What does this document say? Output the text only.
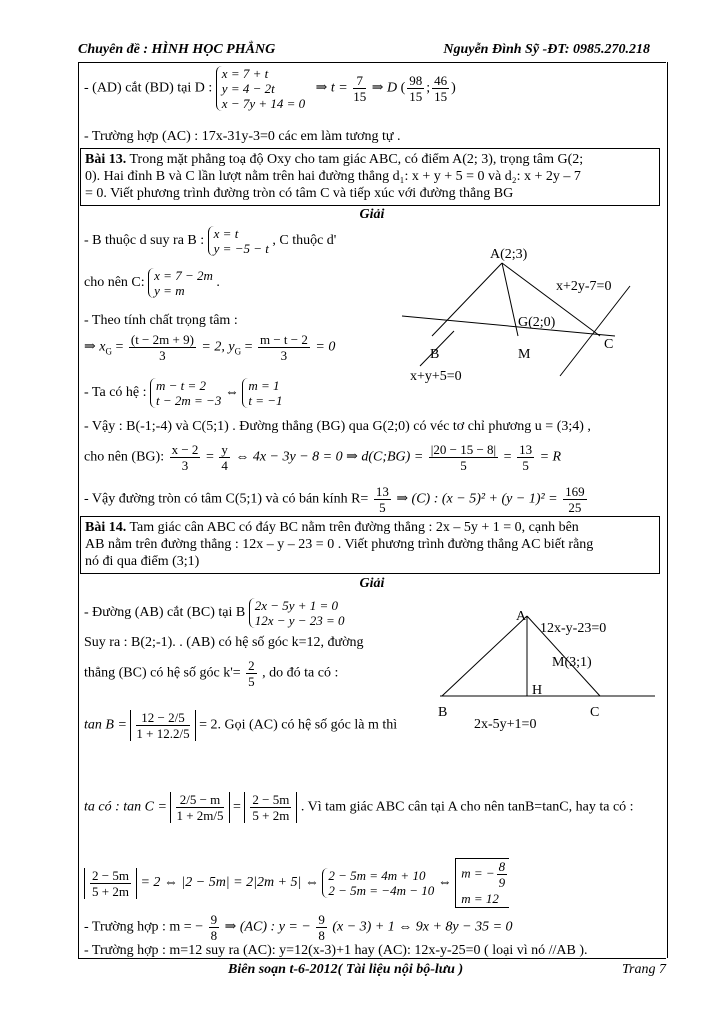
Chuyên đề : HÌNH HỌC PHẲNG	Nguyễn Đình Sỹ -ĐT: 0985.270.218
- (AD) cắt (BD) tại D :
x = 7 + t
y = 4 − 2t
x − 7y + 14 = 0
⇒ $t = \frac{7}{15}$ ⇒ D ( $\frac{98}{15}$ ; $\frac{46}{15}$ )
- Trường hợp (AC) : 17x-31y-3=0 các em làm tương tự .
Bài 13. Trong mặt phẳng toạ độ Oxy cho tam giác ABC, có điểm A(2; 3), trọng tâm G(2;
0). Hai đỉnh B và C lần lượt nằm trên hai đường thẳng d₁: x + y + 5 = 0 và d₂: x + 2y – 7
= 0. Viết phương trình đường tròn có tâm C và tiếp xúc với đường thẳng BG
Giải
- B thuộc d suy ra B : x = t
y = −5 − t
, C thuộc d'
cho nên C: x = 7 − 2m
y = m
.
- Theo tính chất trọng tâm :
⇒ $x_G = \frac{(t - 2m + 9)}{3} = 2$, $y_G = \frac{m - t - 2}{3} = 0$
- Ta có hệ : m − t = 2
t − 2m = −3
⇔ m = 1
t = −1
- Vậy : B(-1;-4) và C(5;1) . Đường thẳng (BG) qua G(2;0) có véc tơ chỉ phương u = (3;4) ,
cho nên (BG): $\frac{x - 2}{3} = \frac{y}{4}$ ⇔ 4x − 3y − 8 = 0 ⇒ d(C;BG) = $\frac{|20 - 15 - 8|}{5} = \frac{13}{5} = R$
- Vậy đường tròn có tâm C(5;1) và có bán kính $R= \frac{13}{5}$ ⇒ (C) : $(x - 5)^2 + (y - 1)^2 = \frac{169}{25}$
A(2;3)
G(2;0)
B	M
C
x+2y-7=0
x+y+5=0
Bài 14. Tam giác cân ABC có đáy BC nằm trên đường thẳng : 2x – 5y + 1 = 0, cạnh bên
AB nằm trên đường thẳng : 12x – y – 23 = 0 . Viết phương trình đường thẳng AC biết rằng
nó đi qua điểm (3;1)
Giải
- Đường (AB) cắt (BC) tại B 2x − 5y + 1 = 0
12x − y − 23 = 0
Suy ra : B(2;-1). . (AB) có hệ số góc k=12, đường
thẳng (BC) có hệ số góc $k'= \frac{2}{5}$ , do đó ta có :
$\tan B = \frac{12 - 2/5}{1 + 12.2/5} = 2$. Gọi (AC) có hệ số góc là m thì
ta có : $\tan C = \frac{2/5 - m}{1 + 2m/5} = \frac{2 - 5m}{5 + 2m}$ . Vì tam giác ABC cân tại A cho nên tanB=tanC, hay ta có :
$\frac{2 - 5m}{5 + 2m} = 2$ ⇔ |2 − 5m| = 2|2m + 5| ⇔ 2 − 5m = 4m + 10
2 − 5m = −4m − 10
⇔
m = − $\frac{8}{9}$
m = 12
- Trường hợp : m = − $\frac{9}{8}$ ⇒ (AC) : y = − $\frac{9}{8} (x - 3) + 1$ ⇔ 9x + 8y − 35 = 0
- Trường hợp : m=12 suy ra (AC): y=12(x-3)+1 hay (AC): 12x-y-25=0 ( loại vì nó //AB ).
A
12x-y-23=0
M(3;1)
H
B	C
2x-5y+1=0
Biên soạn t-6-2012( Tài liệu nội bộ-lưu )	Trang 7
